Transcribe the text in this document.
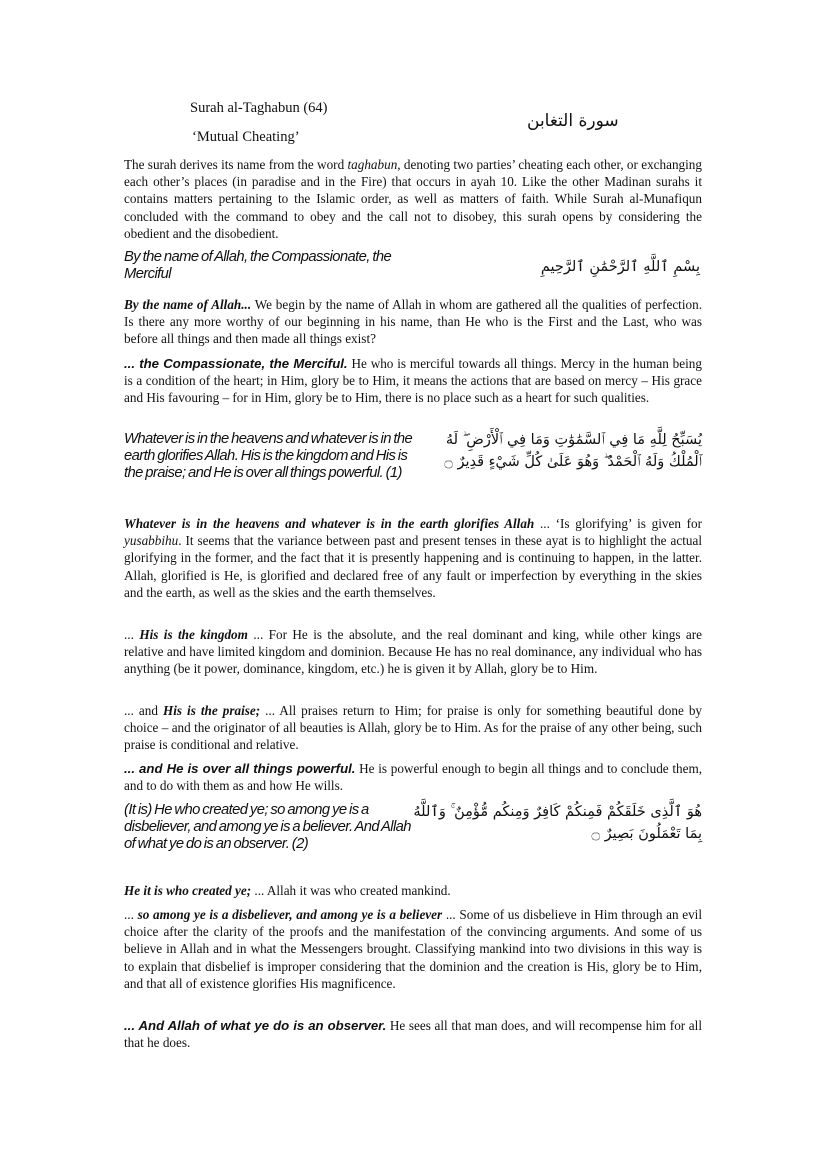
Surah al-Taghabun (64)
‘Mutual Cheating’
سورة التغابن

The surah derives its name from the word taghabun, denoting two parties’ cheating each other, or exchanging each other’s places (in paradise and in the Fire) that occurs in ayah 10. Like the other Madinan surahs it contains matters pertaining to the Islamic order, as well as matters of faith. While Surah al-Munafiqun concluded with the command to obey and the call not to disobey, this surah opens by considering the obedient and the disobedient.

By the name of Allah, the Compassionate, the Merciful	بِسْمِ ٱللَّهِ ٱلرَّحْمَٰنِ ٱلرَّحِيمِ

By the name of Allah... We begin by the name of Allah in whom are gathered all the qualities of perfection. Is there any more worthy of our beginning in his name, than He who is the First and the Last, who was before all things and then made all things exist?

... the Compassionate, the Merciful. He who is merciful towards all things. Mercy in the human being is a condition of the heart; in Him, glory be to Him, it means the actions that are based on mercy – His grace and His favouring – for in Him, glory be to Him, there is no place such as a heart for such qualities.

Whatever is in the heavens and whatever is in the earth glorifies Allah. His is the kingdom and His is the praise; and He is over all things powerful. (1)

يُسَبِّحُ لِلَّهِ مَا فِي ٱلسَّمَٰوَٰتِ وَمَا فِي ٱلْأَرْضِ ۖ لَهُ ٱلْمُلْكُ وَلَهُ ٱلْحَمْدُ ۖ وَهُوَ عَلَىٰ كُلِّ شَيْءٍ قَدِيرٌ ۝

Whatever is in the heavens and whatever is in the earth glorifies Allah ... ‘Is glorifying’ is given for yusabbihu. It seems that the variance between past and present tenses in these ayat is to highlight the actual glorifying in the former, and the fact that it is presently happening and is continuing to happen, in the latter. Allah, glorified is He, is glorified and declared free of any fault or imperfection by everything in the skies and the earth, as well as the skies and the earth themselves.

... His is the kingdom ... For He is the absolute, and the real dominant and king, while other kings are relative and have limited kingdom and dominion. Because He has no real dominance, any individual who has anything (be it power, dominance, kingdom, etc.) he is given it by Allah, glory be to Him.

... and His is the praise; ... All praises return to Him; for praise is only for something beautiful done by choice – and the originator of all beauties is Allah, glory be to Him. As for the praise of any other being, such praise is conditional and relative.

... and He is over all things powerful. He is powerful enough to begin all things and to conclude them, and to do with them as and how He wills.

(It is) He who created ye; so among ye is a disbeliever, and among ye is a believer. And Allah of what ye do is an observer. (2)

هُوَ ٱلَّذِى خَلَقَكُمْ فَمِنكُمْ كَافِرٌ وَمِنكُم مُّؤْمِنٌ ۚ وَٱللَّهُ بِمَا تَعْمَلُونَ بَصِيرٌ ۝

He it is who created ye; ... Allah it was who created mankind.

... so among ye is a disbeliever, and among ye is a believer ... Some of us disbelieve in Him through an evil choice after the clarity of the proofs and the manifestation of the convincing arguments. And some of us believe in Allah and in what the Messengers brought. Classifying mankind into two divisions in this way is to explain that disbelief is improper considering that the dominion and the creation is His, glory be to Him, and that all of existence glorifies His magnificence.

... And Allah of what ye do is an observer. He sees all that man does, and will recompense him for all that he does.
